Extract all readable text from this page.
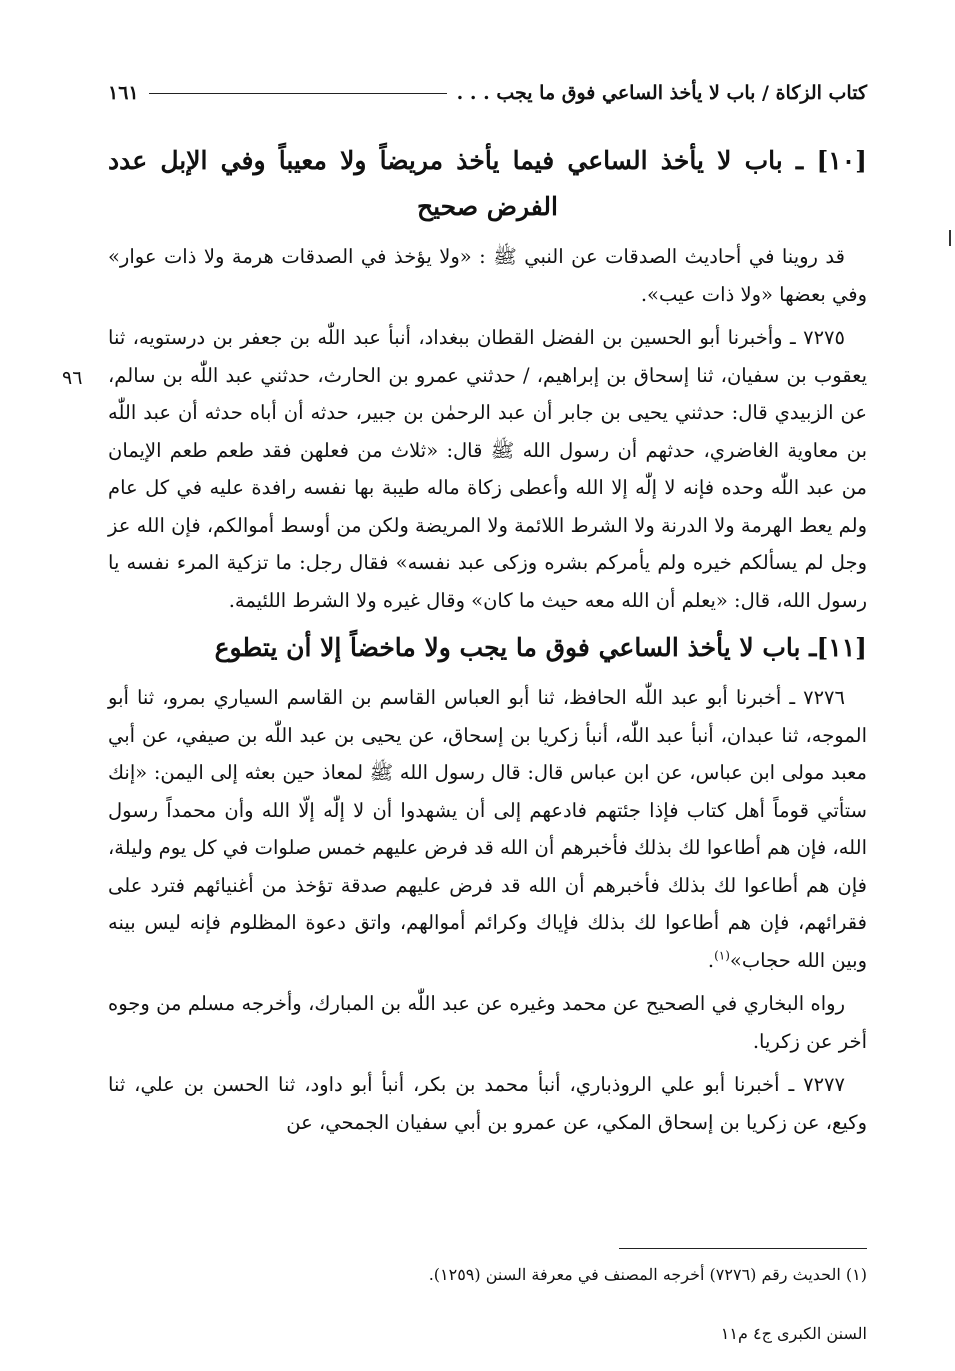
كتاب الزكاة / باب لا يأخذ الساعي فوق ما يجب . . .
١٦١
٩٦
[١٠] ـ باب لا يأخذ الساعي فيما يأخذ مريضاً ولا معيباً وفي الإبل عدد الفرض صحيح

قد روينا في أحاديث الصدقات عن النبي ﷺ : «ولا يؤخذ في الصدقات هرمة ولا ذات عوار» وفي بعضها «ولا ذات عيب».

٧٢٧٥ ـ وأخبرنا أبو الحسين بن الفضل القطان ببغداد، أنبأ عبد اللّٰه بن جعفر بن درستويه، ثنا يعقوب بن سفيان، ثنا إسحاق بن إبراهيم، / حدثني عمرو بن الحارث، حدثني عبد اللّٰه بن سالم، عن الزبيدي قال: حدثني يحيى بن جابر أن عبد الرحمٰن بن جبير، حدثه أن أباه حدثه أن عبد اللّٰه بن معاوية الغاضري، حدثهم أن رسول الله ﷺ قال: «ثلاث من فعلهن فقد طعم طعم الإيمان من عبد اللّٰه وحده فإنه لا إلّٰه إلا الله وأعطى زكاة ماله طيبة بها نفسه رافدة عليه في كل عام ولم يعط الهرمة ولا الدرنة ولا الشرط اللائمة ولا المريضة ولكن من أوسط أموالكم، فإن الله عز وجل لم يسألكم خيره ولم يأمركم بشره وزكى عبد نفسه» فقال رجل: ما تزكية المرء نفسه يا رسول الله، قال: «يعلم أن الله معه حيث ما كان» وقال غيره ولا الشرط اللئيمة.

[١١]ـ باب لا يأخذ الساعي فوق ما يجب ولا ماخضاً إلا أن يتطوع

٧٢٧٦ ـ أخبرنا أبو عبد اللّٰه الحافظ، ثنا أبو العباس القاسم بن القاسم السياري بمرو، ثنا أبو الموجه، ثنا عبدان، أنبأ عبد اللّٰه، أنبأ زكريا بن إسحاق، عن يحيى بن عبد اللّٰه بن صيفي، عن أبي معبد مولى ابن عباس، عن ابن عباس قال: قال رسول الله ﷺ لمعاذ حين بعثه إلى اليمن: «إنك ستأتي قوماً أهل كتاب فإذا جئتهم فادعهم إلى أن يشهدوا أن لا إلّٰه إلّا الله وأن محمداً رسول الله، فإن هم أطاعوا لك بذلك فأخبرهم أن الله قد فرض عليهم خمس صلوات في كل يوم وليلة، فإن هم أطاعوا لك بذلك فأخبرهم أن الله قد فرض عليهم صدقة تؤخذ من أغنيائهم فترد على فقرائهم، فإن هم أطاعوا لك بذلك فإياك وكرائم أموالهم، واتق دعوة المظلوم فإنه ليس بينه وبين الله حجاب»$^{(١)}$.

رواه البخاري في الصحيح عن محمد وغيره عن عبد اللّٰه بن المبارك، وأخرجه مسلم من وجوه أخر عن زكريا.

٧٢٧٧ ـ أخبرنا أبو علي الروذباري، أنبأ محمد بن بكر، أنبأ أبو داود، ثنا الحسن بن علي، ثنا وكيع، عن زكريا بن إسحاق المكي، عن عمرو بن أبي سفيان الجمحي، عن

(١) الحديث رقم (٧٢٧٦) أخرجه المصنف في معرفة السنن (١٢٥٩).
السنن الكبرى ج٤ م١١
